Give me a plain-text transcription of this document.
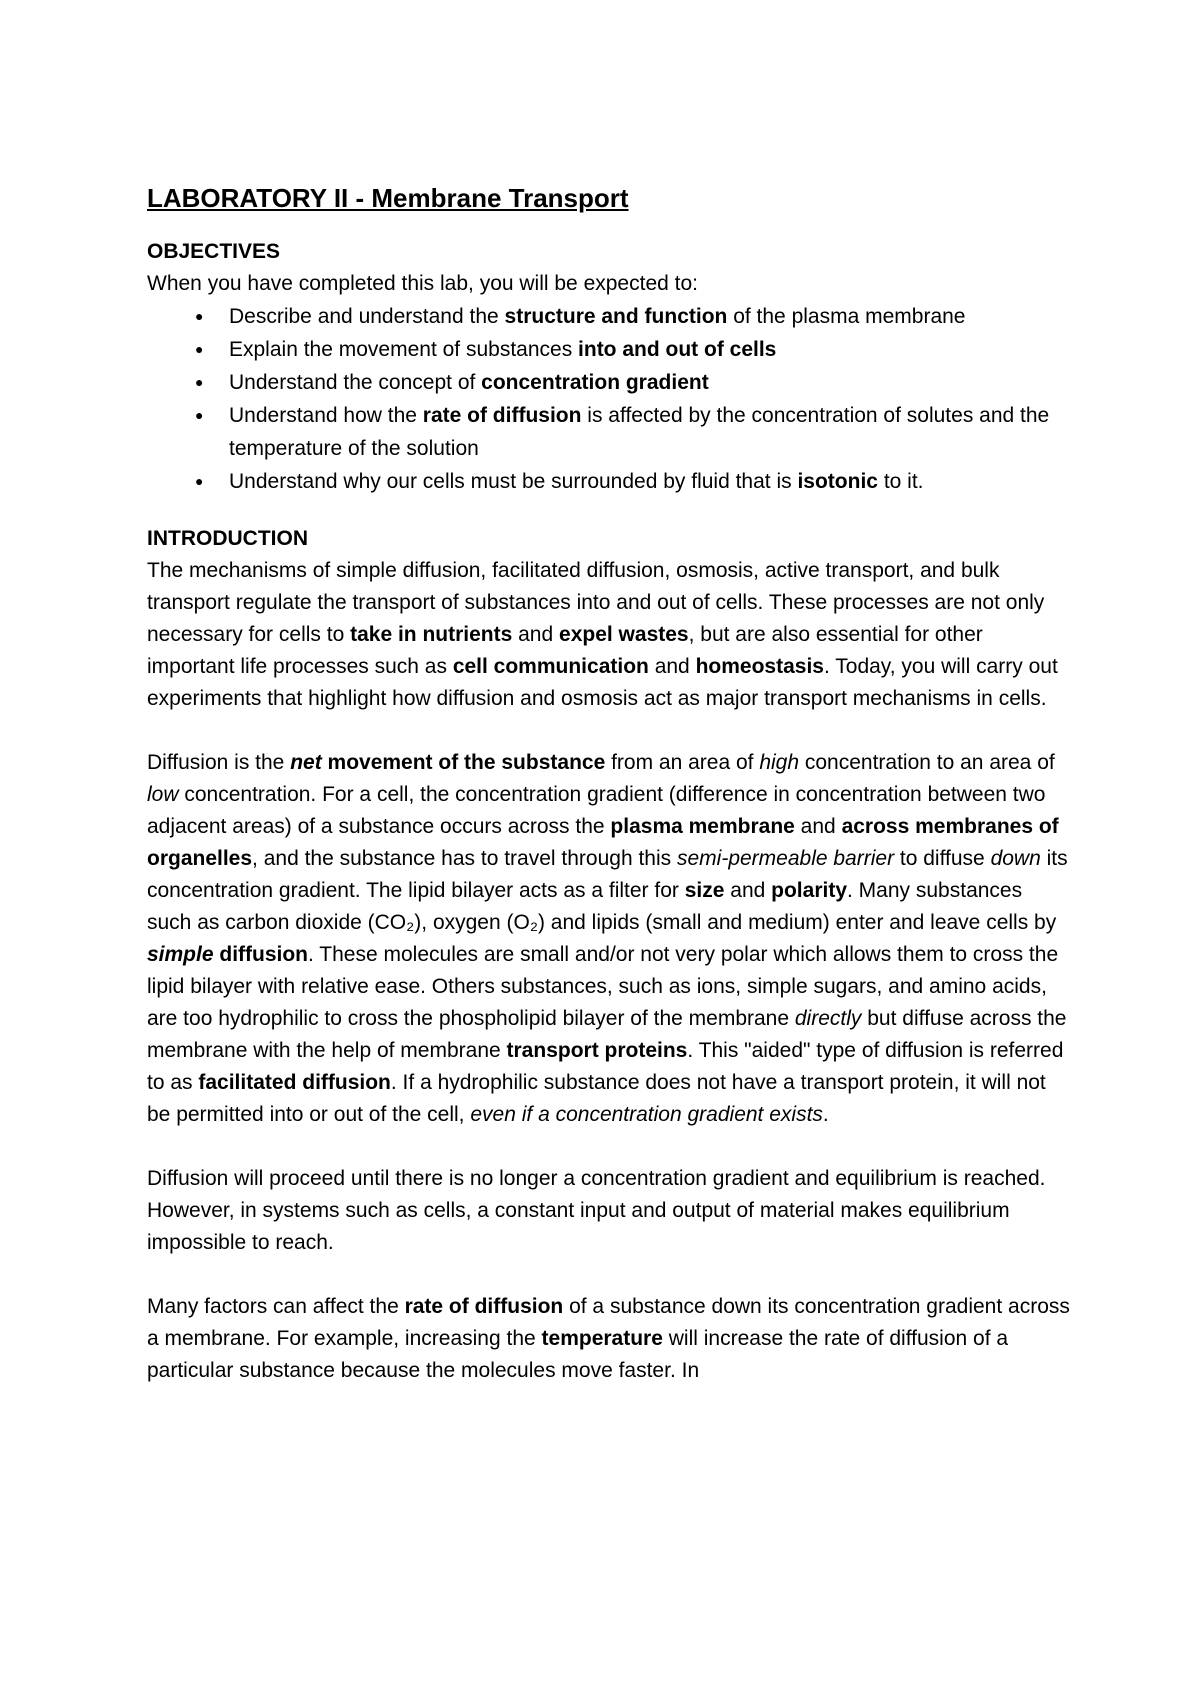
LABORATORY II - Membrane Transport
OBJECTIVES
When you have completed this lab, you will be expected to:
● Describe and understand the structure and function of the plasma membrane
● Explain the movement of substances into and out of cells
● Understand the concept of concentration gradient
● Understand how the rate of diffusion is affected by the concentration of solutes and the temperature of the solution
● Understand why our cells must be surrounded by fluid that is isotonic to it.
INTRODUCTION

The mechanisms of simple diffusion, facilitated diffusion, osmosis, active transport, and bulk transport regulate the transport of substances into and out of cells. These processes are not only necessary for cells to take in nutrients and expel wastes, but are also essential for other important life processes such as cell communication and homeostasis. Today, you will carry out experiments that highlight how diffusion and osmosis act as major transport mechanisms in cells.

Diffusion is the net movement of the substance from an area of high concentration to an area of low concentration. For a cell, the concentration gradient (difference in concentration between two adjacent areas) of a substance occurs across the plasma membrane and across membranes of organelles, and the substance has to travel through this semi-permeable barrier to diffuse down its concentration gradient. The lipid bilayer acts as a filter for size and polarity. Many substances such as carbon dioxide (CO₂), oxygen (O₂) and lipids (small and medium) enter and leave cells by simple diffusion. These molecules are small and/or not very polar which allows them to cross the lipid bilayer with relative ease. Others substances, such as ions, simple sugars, and amino acids, are too hydrophilic to cross the phospholipid bilayer of the membrane directly but diffuse across the membrane with the help of membrane transport proteins. This "aided" type of diffusion is referred to as facilitated diffusion. If a hydrophilic substance does not have a transport protein, it will not be permitted into or out of the cell, even if a concentration gradient exists.

Diffusion will proceed until there is no longer a concentration gradient and equilibrium is reached. However, in systems such as cells, a constant input and output of material makes equilibrium impossible to reach.

Many factors can affect the rate of diffusion of a substance down its concentration gradient across a membrane. For example, increasing the temperature will increase the rate of diffusion of a particular substance because the molecules move faster. In
